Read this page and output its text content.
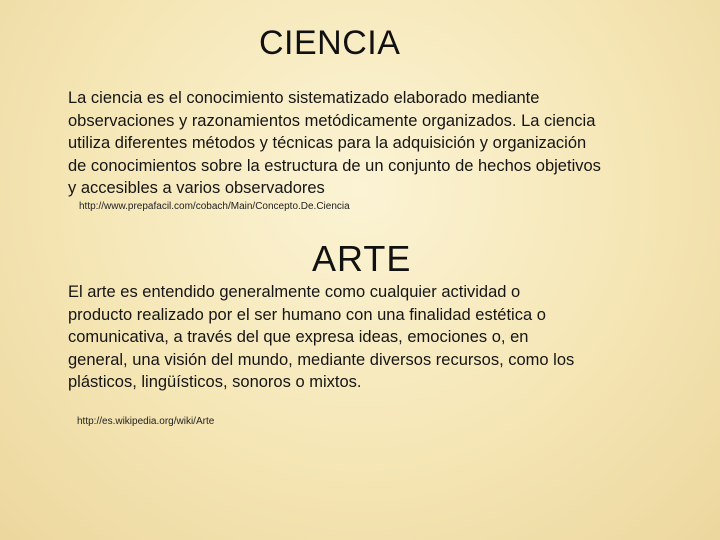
CIENCIA

La ciencia es el conocimiento sistematizado elaborado mediante
observaciones y razonamientos metódicamente organizados. La ciencia
utiliza diferentes métodos y técnicas para la adquisición y organización
de conocimientos sobre la estructura de un conjunto de hechos objetivos
y accesibles a varios observadores

http://www.prepafacil.com/cobach/Main/Concepto.De.Ciencia

ARTE

El arte es entendido generalmente como cualquier actividad o
producto realizado por el ser humano con una finalidad estética o
comunicativa, a través del que expresa ideas, emociones o, en
general, una visión del mundo, mediante diversos recursos, como los
plásticos, lingüísticos, sonoros o mixtos.

http://es.wikipedia.org/wiki/Arte
